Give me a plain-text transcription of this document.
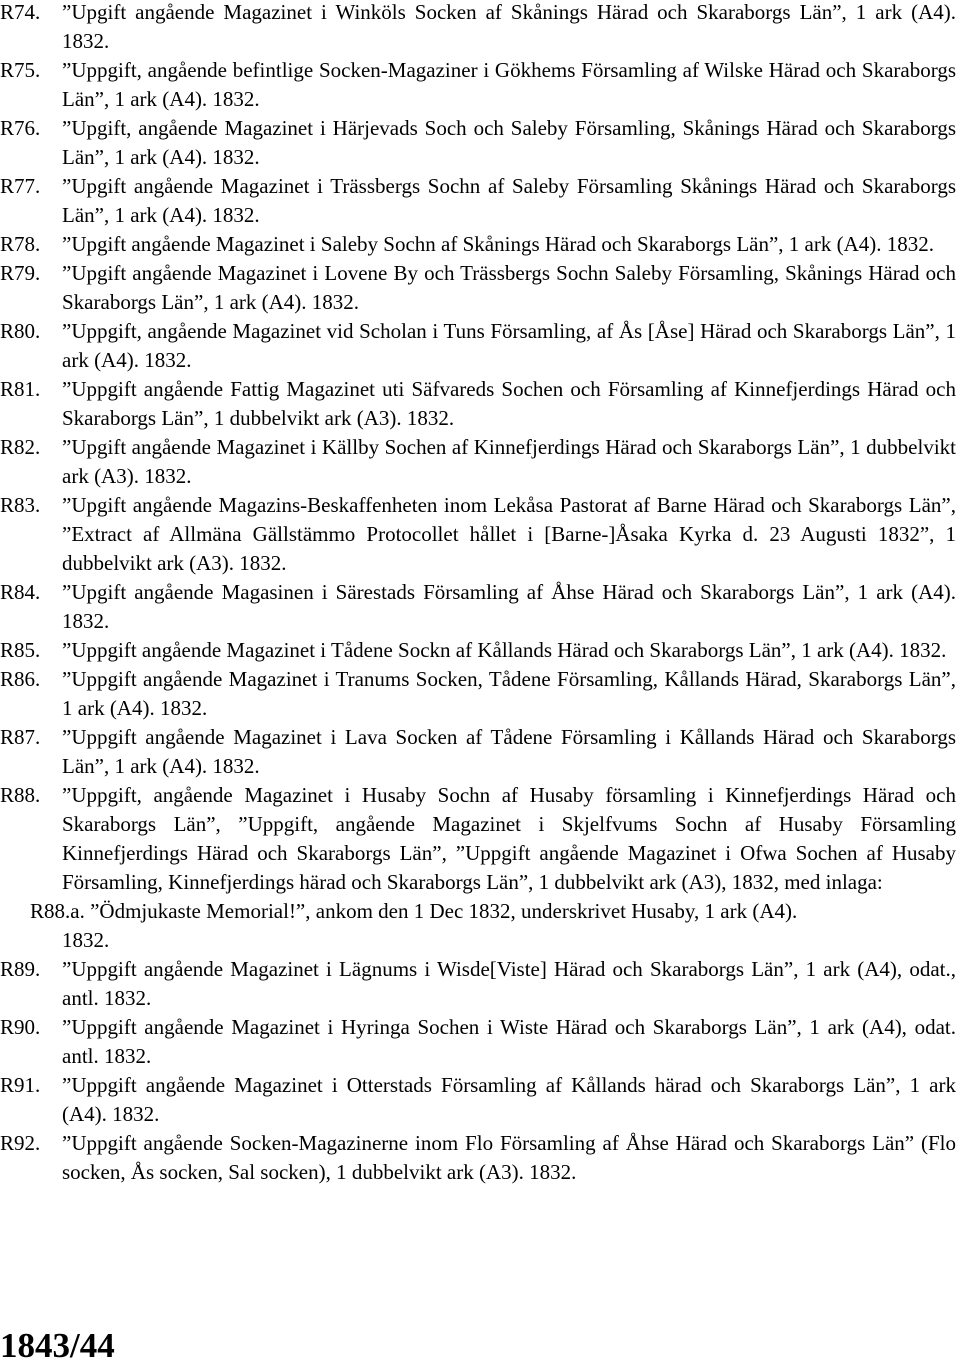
R74.	”Upgift angående Magazinet i Winköls Socken af Skånings Härad och Skaraborgs Län”, 1 ark (A4). 1832.
R75.	”Uppgift, angående befintlige Socken-Magaziner i Gökhems Församling af Wilske Härad och Skaraborgs Län”, 1 ark (A4). 1832.
R76.	”Upgift, angående Magazinet i Härjevads Soch och Saleby Församling, Skånings Härad och Skaraborgs Län”, 1 ark (A4). 1832.
R77.	”Upgift angående Magazinet i Trässbergs Sochn af Saleby Församling Skånings Härad och Skaraborgs Län”, 1 ark (A4). 1832.
R78.	”Upgift angående Magazinet i Saleby Sochn af Skånings Härad och Skaraborgs Län”, 1 ark (A4). 1832.
R79.	”Upgift angående Magazinet i Lovene By och Trässbergs Sochn Saleby Församling, Skånings Härad och Skaraborgs Län”, 1 ark (A4). 1832.
R80.	”Uppgift, angående Magazinet vid Scholan i Tuns Församling, af Ås [Åse] Härad och Skaraborgs Län”, 1 ark (A4). 1832.
R81.	”Uppgift angående Fattig Magazinet uti Säfvareds Sochen och Församling af Kinnefjerdings Härad och Skaraborgs Län”, 1 dubbelvikt ark (A3). 1832.
R82.	”Upgift angående Magazinet i Källby Sochen af Kinnefjerdings Härad och Skaraborgs Län”, 1 dubbelvikt ark (A3). 1832.
R83.	”Upgift angående Magazins-Beskaffenheten inom Lekåsa Pastorat af Barne Härad och Skaraborgs Län”, ”Extract af Allmäna Gällstämmo Protocollet hållet i [Barne-]Åsaka Kyrka d. 23 Augusti 1832”, 1 dubbelvikt ark (A3). 1832.
R84.	”Upgift angående Magasinen i Särestads Församling af Åhse Härad och Skaraborgs Län”, 1 ark (A4). 1832.
R85.	”Uppgift angående Magazinet i Tådene Sockn af Kållands Härad och Skaraborgs Län”, 1 ark (A4). 1832.
R86.	”Uppgift angående Magazinet i Tranums Socken, Tådene Församling, Kållands Härad, Skaraborgs Län”, 1 ark (A4). 1832.
R87.	”Uppgift angående Magazinet i Lava Socken af Tådene Församling i Kållands Härad och Skaraborgs Län”, 1 ark (A4). 1832.
R88.	”Uppgift, angående Magazinet i Husaby Sochn af Husaby församling i Kinnefjerdings Härad och Skaraborgs Län”, ”Uppgift, angående Magazinet i Skjelfvums Sochn af Husaby Församling Kinnefjerdings Härad och Skaraborgs Län”, ”Uppgift angående Magazinet i Ofwa Sochen af Husaby Församling, Kinnefjerdings härad och Skaraborgs Län”, 1 dubbelvikt ark (A3), 1832, med inlaga:
R88.a. ”Ödmjukaste Memorial!”, ankom den 1 Dec 1832, underskrivet Husaby, 1 ark (A4).
1832.
R89.	”Uppgift angående Magazinet i Lägnums i Wisde[Viste] Härad och Skaraborgs Län”, 1 ark (A4), odat., antl. 1832.
R90.	”Uppgift angående Magazinet i Hyringa Sochen i Wiste Härad och Skaraborgs Län”, 1 ark (A4), odat. antl. 1832.
R91.	”Uppgift angående Magazinet i Otterstads Församling af Kållands härad och Skaraborgs Län”, 1 ark (A4). 1832.
R92.	”Uppgift angående Socken-Magazinerne inom Flo Församling af Åhse Härad och Skaraborgs Län” (Flo socken, Ås socken, Sal socken), 1 dubbelvikt ark (A3). 1832.
1843/44
